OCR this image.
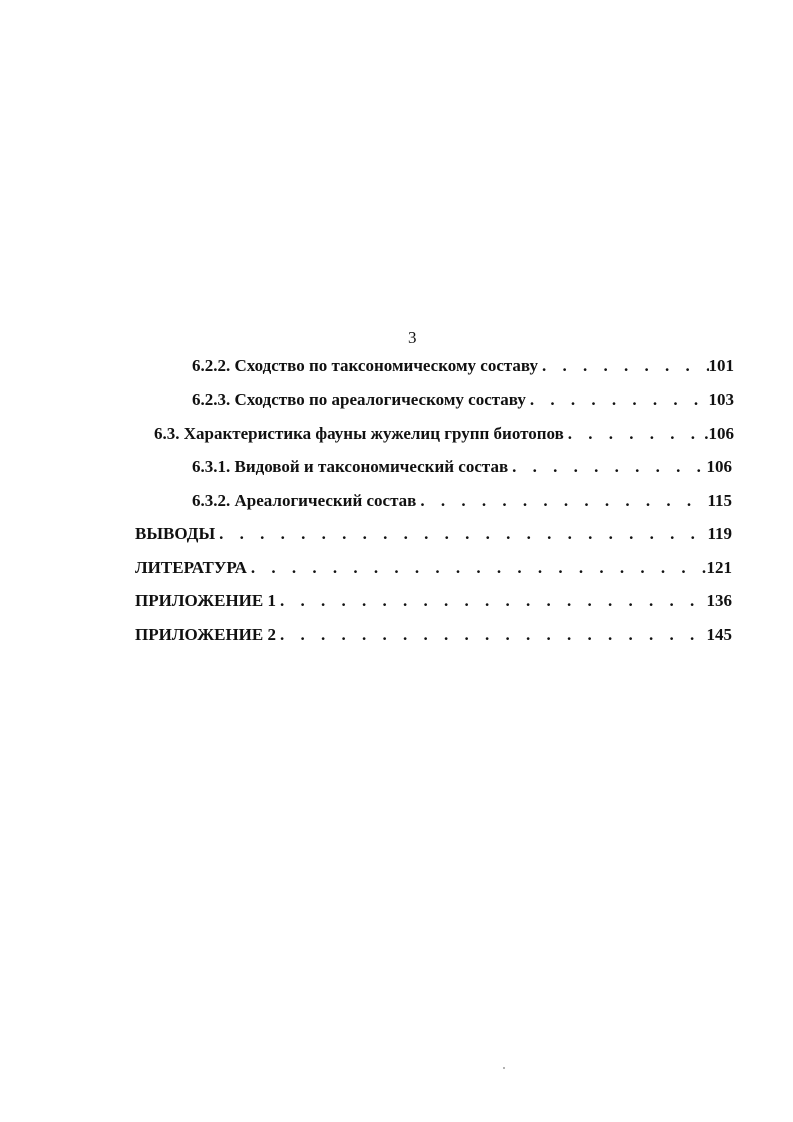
3
6.2.2. Сходство по таксономическому составу . . .	101
6.2.3. Сходство по ареалогическому составу . . .	103
6.3. Характеристика фауны жужелиц групп биотопов . . .	.106
6.3.1. Видовой и таксономический состав . . .	106
6.3.2. Ареалогический состав . . .	115
ВЫВОДЫ . . .	119
ЛИТЕРАТУРА . . .	121
ПРИЛОЖЕНИЕ 1 . . .	136
ПРИЛОЖЕНИЕ 2 . . .	145
